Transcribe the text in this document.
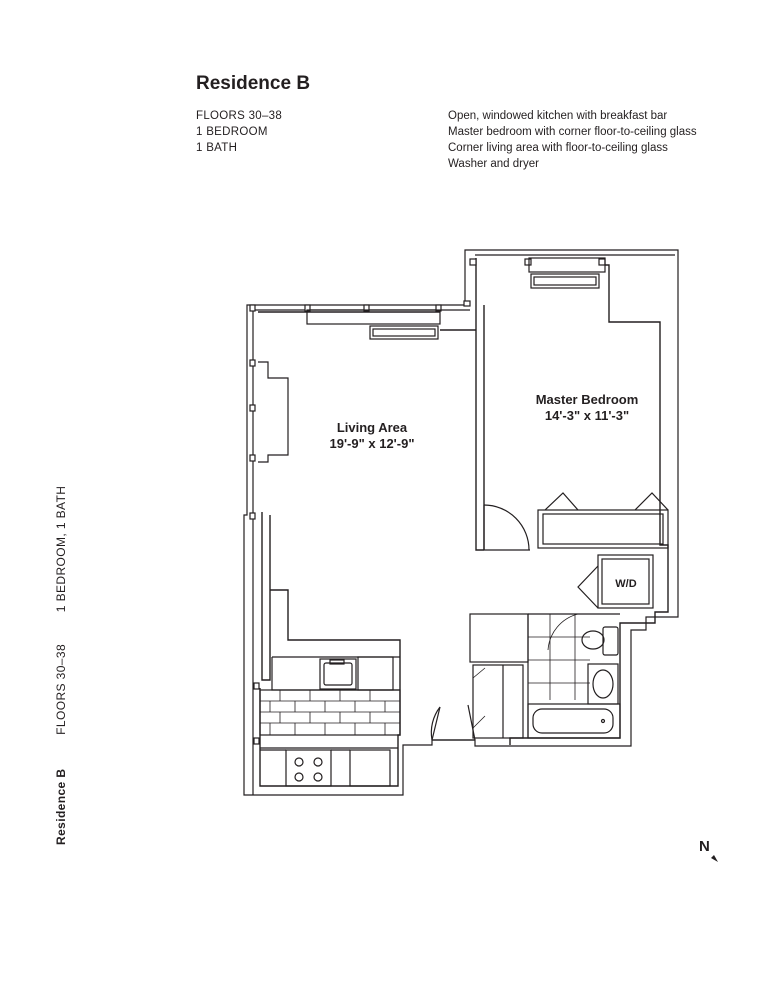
Residence B
FLOORS 30–38
1 BEDROOM
1 BATH
Open, windowed kitchen with breakfast bar
Master bedroom with corner floor-to-ceiling glass
Corner living area with floor-to-ceiling glass
Washer and dryer
Residence B FLOORS 30–38 1 BEDROOM, 1 BATH
Living Area
19'-9" x 12'-9"
Master Bedroom
14'-3" x 11'-3"
W/D
N
